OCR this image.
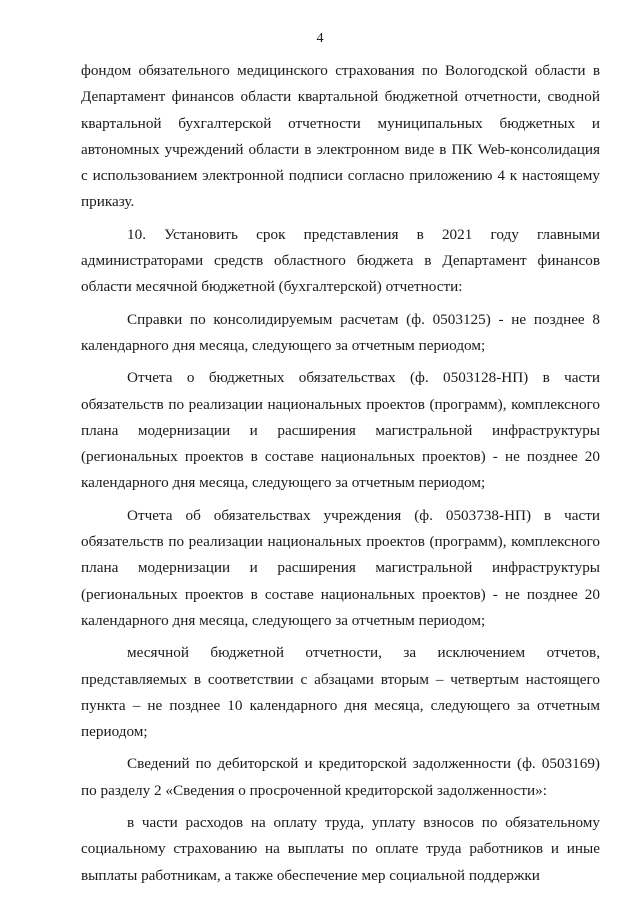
4

фондом обязательного медицинского страхования по Вологодской области в Департамент финансов области квартальной бюджетной отчетности, сводной квартальной бухгалтерской отчетности муниципальных бюджетных и автономных учреждений области в электронном виде в ПК Web-консолидация с использованием электронной подписи согласно приложению 4 к настоящему приказу.

10. Установить срок представления в 2021 году главными администраторами средств областного бюджета в Департамент финансов области месячной бюджетной (бухгалтерской) отчетности:

Справки по консолидируемым расчетам (ф. 0503125) - не позднее 8 календарного дня месяца, следующего за отчетным периодом;

Отчета о бюджетных обязательствах (ф. 0503128-НП) в части обязательств по реализации национальных проектов (программ), комплексного плана модернизации и расширения магистральной инфраструктуры (региональных проектов в составе национальных проектов) - не позднее 20 календарного дня месяца, следующего за отчетным периодом;

Отчета об обязательствах учреждения (ф. 0503738-НП) в части обязательств по реализации национальных проектов (программ), комплексного плана модернизации и расширения магистральной инфраструктуры (региональных проектов в составе национальных проектов) - не позднее 20 календарного дня месяца, следующего за отчетным периодом;

месячной бюджетной отчетности, за исключением отчетов, представляемых в соответствии с абзацами вторым – четвертым настоящего пункта – не позднее 10 календарного дня месяца, следующего за отчетным периодом;

Сведений по дебиторской и кредиторской задолженности (ф. 0503169) по разделу 2 «Сведения о просроченной кредиторской задолженности»:

в части расходов на оплату труда, уплату взносов по обязательному социальному страхованию на выплаты по оплате труда работников и иные выплаты работникам, а также обеспечение мер социальной поддержки
